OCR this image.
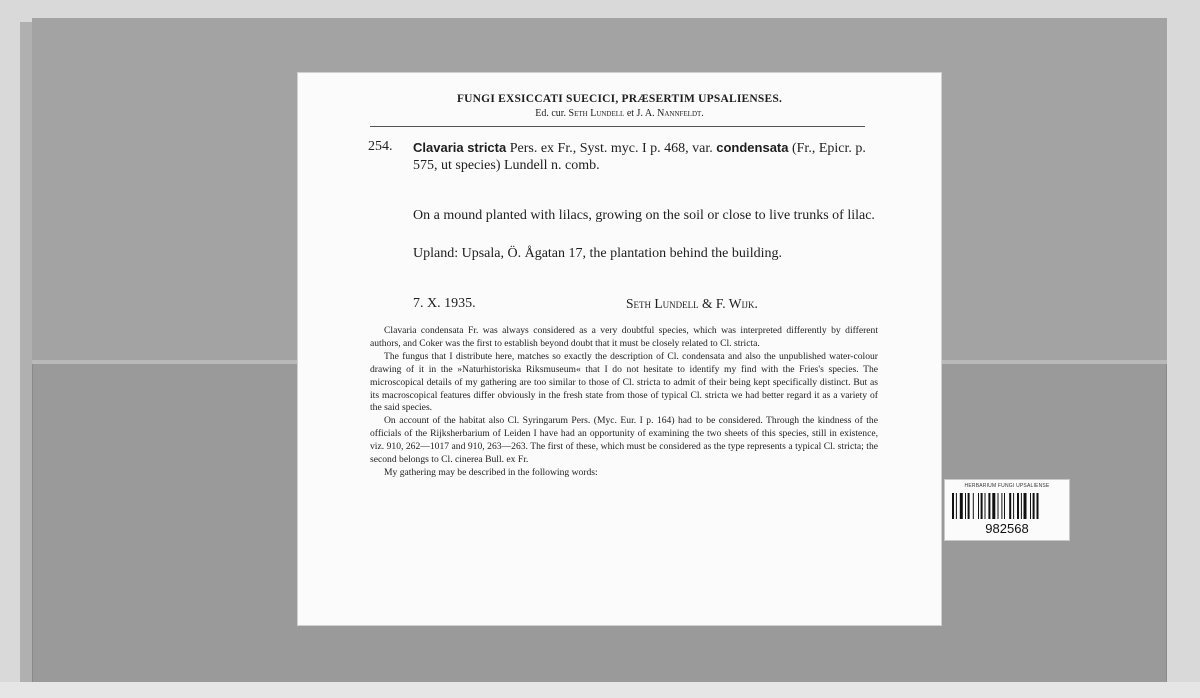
FUNGI EXSICCATI SUECICI, PRÆSERTIM UPSALIENSES.
Ed. cur. Seth Lundell et J. A. Nannfeldt.
254. Clavaria stricta Pers. ex Fr., Syst. myc. I p. 468, var. condensata (Fr., Epicr. p. 575, ut species) Lundell n. comb.

On a mound planted with lilacs, growing on the soil or close to live trunks of lilac.

Upland: Upsala, Ö. Ågatan 17, the plantation behind the building.

7. X. 1935.	Seth Lundell & F. Wijk.

Clavaria condensata Fr. was always considered as a very doubtful species, which was interpreted differently by different authors, and Coker was the first to establish beyond doubt that it must be closely related to Cl. stricta.

The fungus that I distribute here, matches so exactly the description of Cl. condensata and also the unpublished water-colour drawing of it in the »Naturhistoriska Riksmuseum« that I do not hesitate to identify my find with the Fries's species. The microscopical details of my gathering are too similar to those of Cl. stricta to admit of their being kept specifically distinct. But as its macroscopical features differ obviously in the fresh state from those of typical Cl. stricta we had better regard it as a variety of the said species.

On account of the habitat also Cl. Syringarum Pers. (Myc. Eur. I p. 164) had to be considered. Through the kindness of the officials of the Rijksherbarium of Leiden I have had an opportunity of examining the two sheets of this species, still in existence, viz. 910, 262—1017 and 910, 263—263. The first of these, which must be considered as the type represents a typical Cl. stricta; the second belongs to Cl. cinerea Bull. ex Fr.

My gathering may be described in the following words:

HERBARIUM FUNGI UPSALIENSE
982568
